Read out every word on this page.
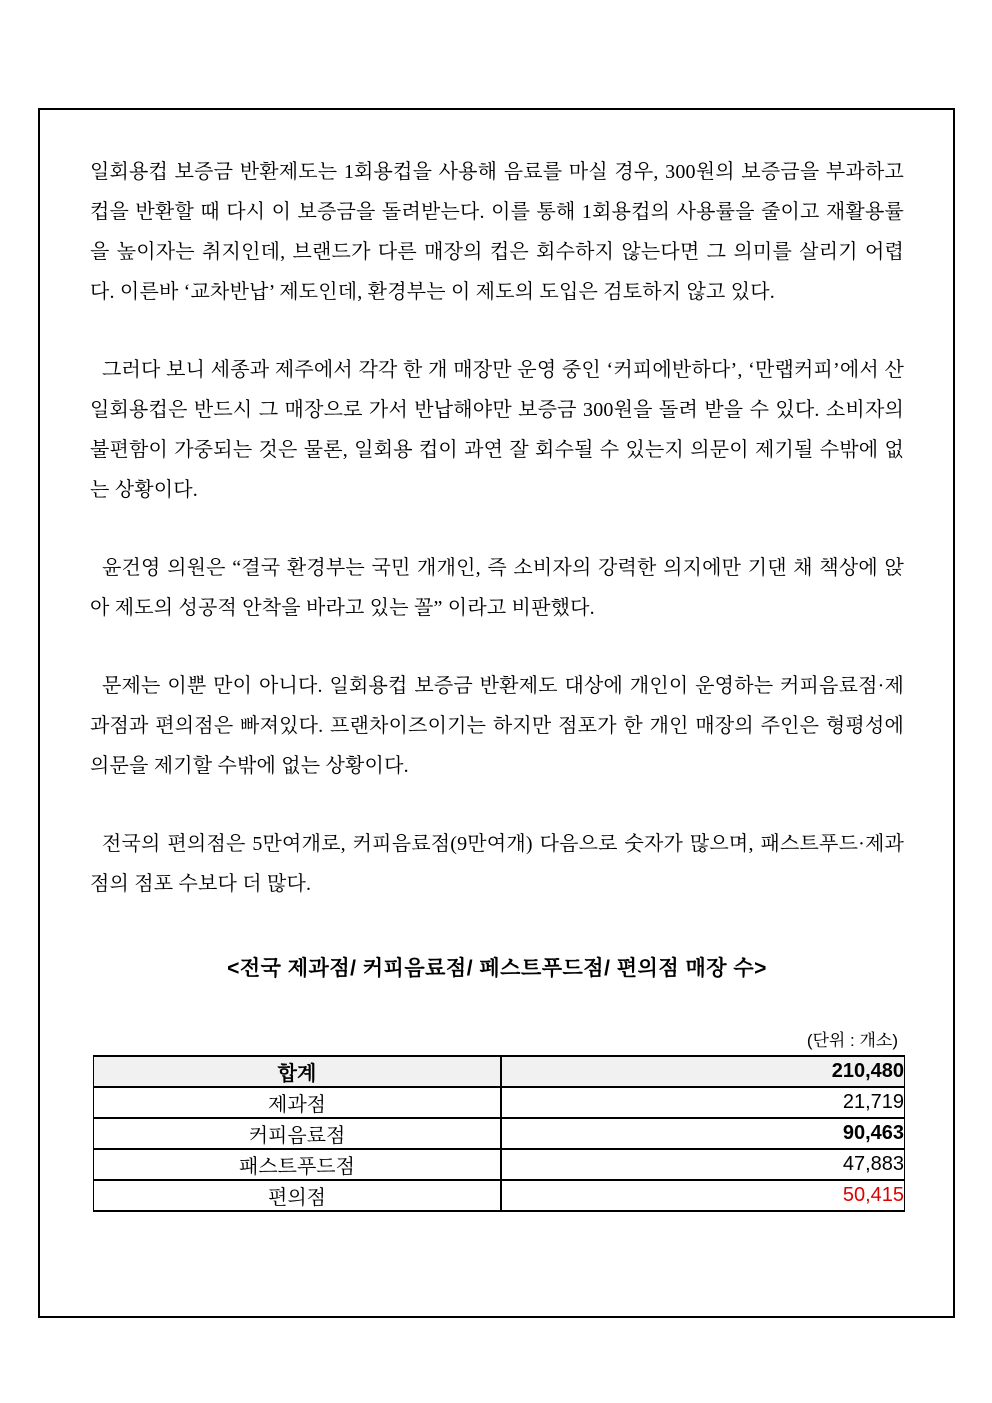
일회용컵 보증금 반환제도는 1회용컵을 사용해 음료를 마실 경우, 300원의 보증금을 부과하고 컵을 반환할 때 다시 이 보증금을 돌려받는다. 이를 통해 1회용컵의 사용률을 줄이고 재활용률을 높이자는 취지인데, 브랜드가 다른 매장의 컵은 회수하지 않는다면 그 의미를 살리기 어렵다. 이른바 ‘교차반납’ 제도인데, 환경부는 이 제도의 도입은 검토하지 않고 있다.

그러다 보니 세종과 제주에서 각각 한 개 매장만 운영 중인 ‘커피에반하다’, ‘만랩커피’에서 산 일회용컵은 반드시 그 매장으로 가서 반납해야만 보증금 300원을 돌려 받을 수 있다. 소비자의 불편함이 가중되는 것은 물론, 일회용 컵이 과연 잘 회수될 수 있는지 의문이 제기될 수밖에 없는 상황이다.

윤건영 의원은 “결국 환경부는 국민 개개인, 즉 소비자의 강력한 의지에만 기댄 채 책상에 앉아 제도의 성공적 안착을 바라고 있는 꼴” 이라고 비판했다.

문제는 이뿐 만이 아니다. 일회용컵 보증금 반환제도 대상에 개인이 운영하는 커피음료점·제과점과 편의점은 빠져있다. 프랜차이즈이기는 하지만 점포가 한 개인 매장의 주인은 형평성에 의문을 제기할 수밖에 없는 상황이다.

전국의 편의점은 5만여개로, 커피음료점(9만여개) 다음으로 숫자가 많으며, 패스트푸드·제과점의 점포 수보다 더 많다.

<전국 제과점/ 커피음료점/ 페스트푸드점/ 편의점 매장 수>
(단위 : 개소)
합계	210,480
제과점	21,719
커피음료점	90,463
패스트푸드점	47,883
편의점	50,415
